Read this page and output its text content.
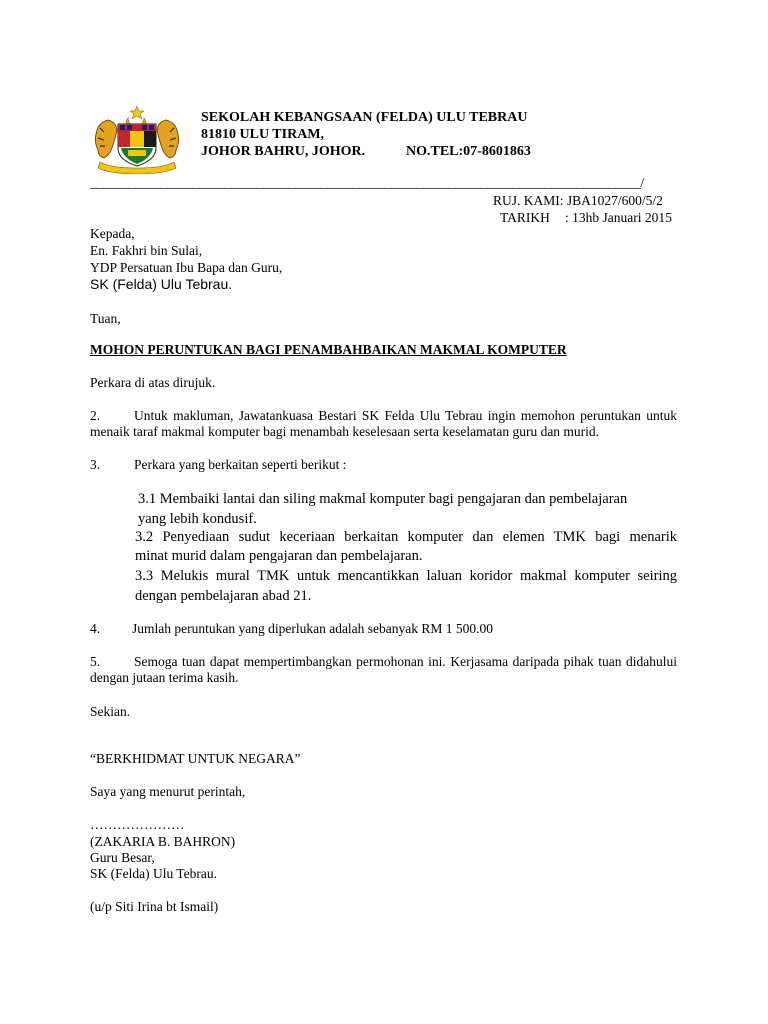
SEKOLAH KEBANGSAAN (FELDA) ULU TEBRAU
81810 ULU TIRAM,
JOHOR BAHRU, JOHOR.	NO.TEL:07-8601863
______________________________________________________________________________________/
RUJ. KAMI: JBA1027/600/5/2
TARIKH : 13hb Januari 2015
Kepada,
En. Fakhri bin Sulai,
YDP Persatuan Ibu Bapa dan Guru,
SK (Felda) Ulu Tebrau.
Tuan,
MOHON PERUNTUKAN BAGI PENAMBAHBAIKAN MAKMAL KOMPUTER
Perkara di atas dirujuk.
2.	Untuk makluman, Jawatankuasa Bestari SK Felda Ulu Tebrau ingin memohon peruntukan untuk menaik taraf makmal komputer bagi menambah keselesaan serta keselamatan guru dan murid.
3.	Perkara yang berkaitan seperti berikut :
3.1 Membaiki lantai dan siling makmal komputer bagi pengajaran dan pembelajaran
yang lebih kondusif.
3.2 Penyediaan sudut keceriaan berkaitan komputer dan elemen TMK bagi menarik
minat murid dalam pengajaran dan pembelajaran.
3.3 Melukis mural TMK untuk mencantikkan laluan koridor makmal komputer seiring
dengan pembelajaran abad 21.
4. Jumlah peruntukan yang diperlukan adalah sebanyak RM 1 500.00
5.	Semoga tuan dapat mempertimbangkan permohonan ini. Kerjasama daripada pihak tuan didahului dengan jutaan terima kasih.
Sekian.
“BERKHIDMAT UNTUK NEGARA”
Saya yang menurut perintah,
…………………
(ZAKARIA B. BAHRON)
Guru Besar,
SK (Felda) Ulu Tebrau.
(u/p Siti Irina bt Ismail)
